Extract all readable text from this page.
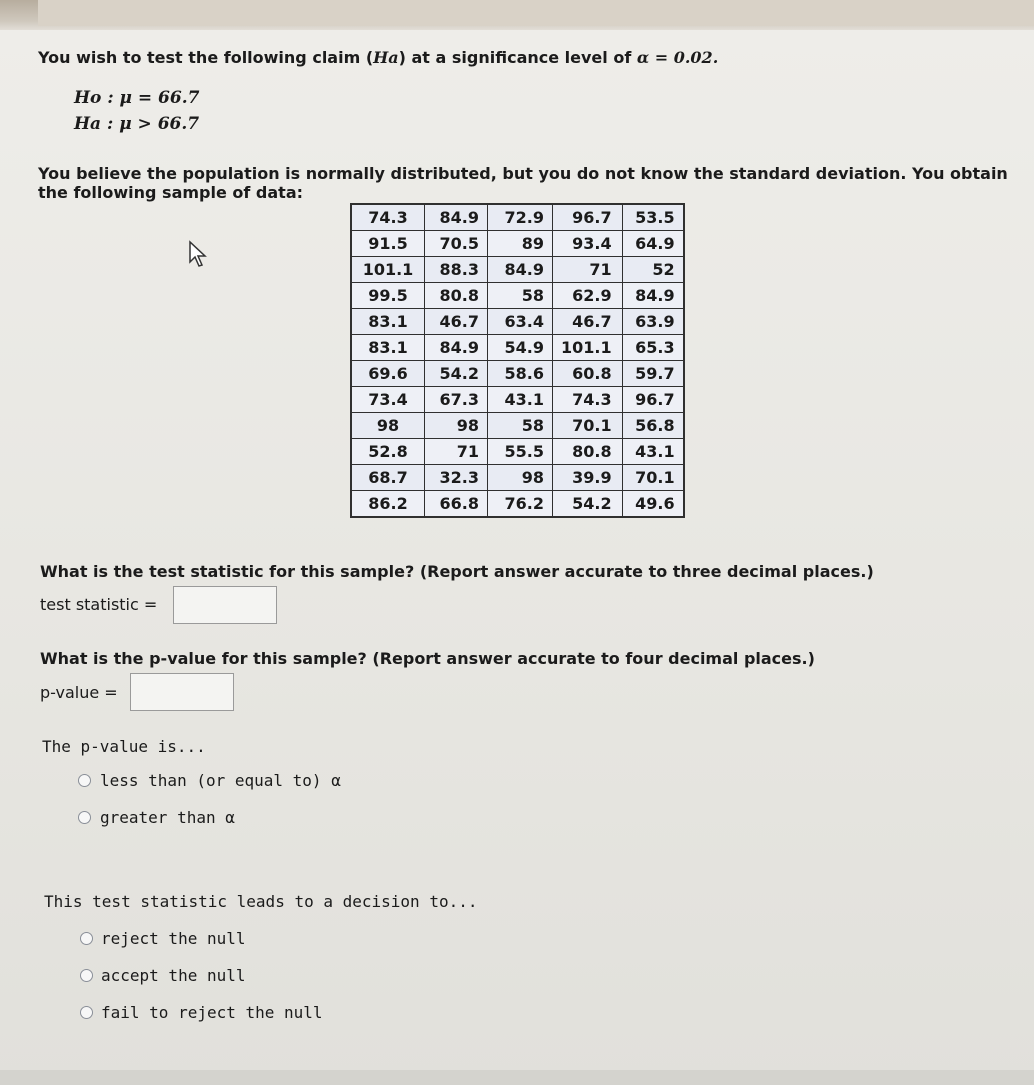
You wish to test the following claim (Ha) at a significance level of α = 0.02.
Ho : μ = 66.7
Ha : μ > 66.7
You believe the population is normally distributed, but you do not know the standard deviation. You obtain
the following sample of data:
74.3	84.9	72.9	96.7	53.5
91.5	70.5	89	93.4	64.9
101.1	88.3	84.9	71	52
99.5	80.8	58	62.9	84.9
83.1	46.7	63.4	46.7	63.9
83.1	84.9	54.9	101.1	65.3
69.6	54.2	58.6	60.8	59.7
73.4	67.3	43.1	74.3	96.7
98	98	58	70.1	56.8
52.8	71	55.5	80.8	43.1
68.7	32.3	98	39.9	70.1
86.2	66.8	76.2	54.2	49.6
What is the test statistic for this sample? (Report answer accurate to three decimal places.)
test statistic =
What is the p-value for this sample? (Report answer accurate to four decimal places.)
p-value =
The p-value is...
less than (or equal to) α
greater than α
This test statistic leads to a decision to...
reject the null
accept the null
fail to reject the null
